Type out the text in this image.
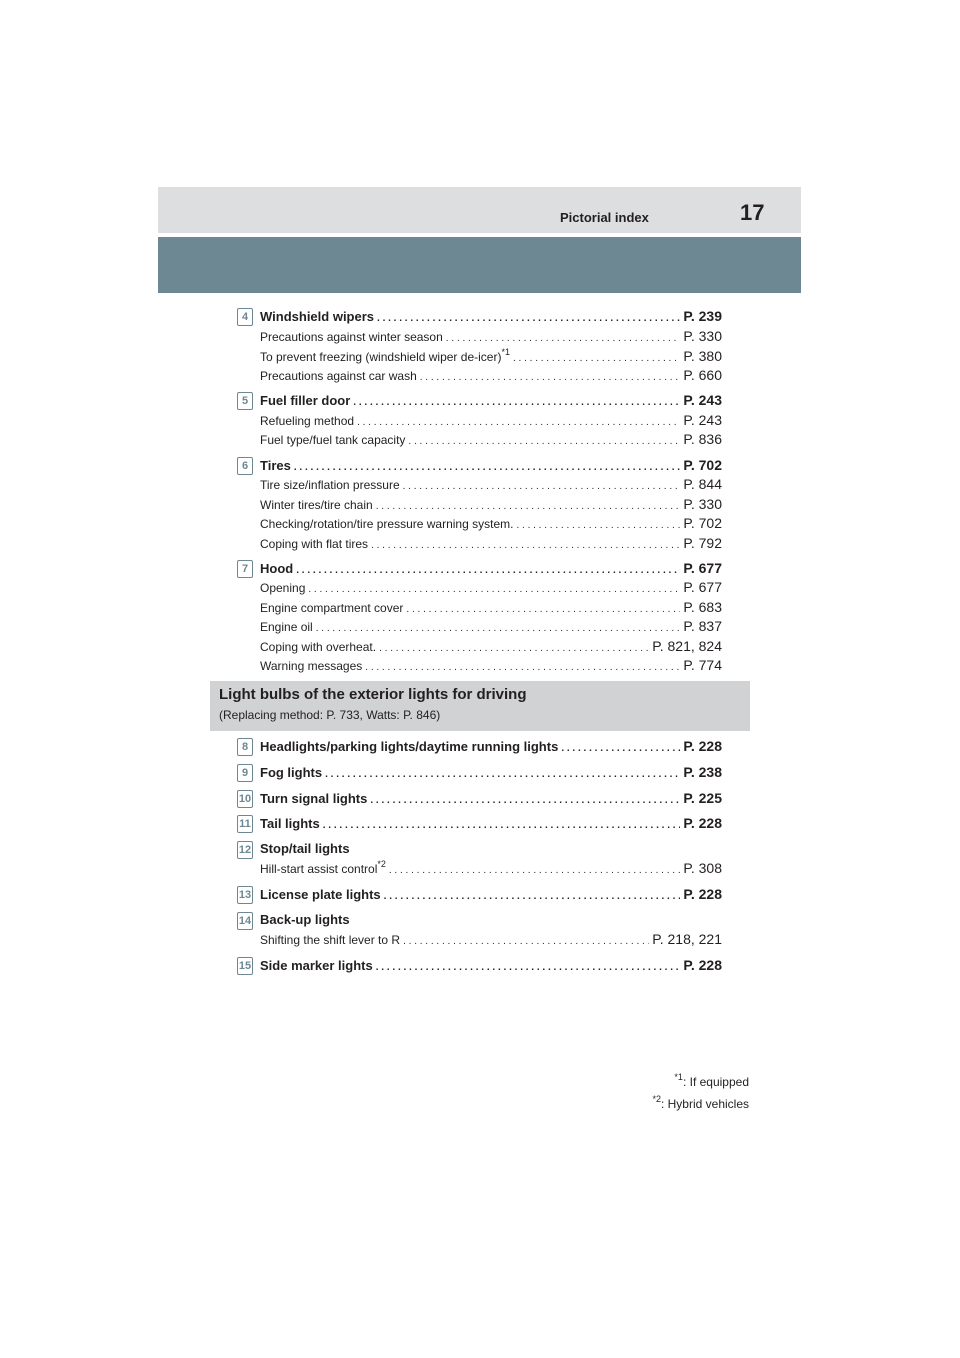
Pictorial index	17
4 Windshield wipers . . .	P. 239
Precautions against winter season . . .	P. 330
To prevent freezing (windshield wiper de-icer)$^{*1}$ . . .	P. 380
Precautions against car wash . . .	P. 660
5 Fuel filler door . . .	P. 243
Refueling method . . .	P. 243
Fuel type/fuel tank capacity . . .	P. 836
6 Tires . . .	P. 702
Tire size/inflation pressure . . .	P. 844
Winter tires/tire chain . . .	P. 330
Checking/rotation/tire pressure warning system. . . .	P. 702
Coping with flat tires . . .	P. 792
7 Hood . . .	P. 677
Opening . . .	P. 677
Engine compartment cover . . .	P. 683
Engine oil . . .	P. 837
Coping with overheat. . . .	P. 821, 824
Warning messages . . .	P. 774
Light bulbs of the exterior lights for driving
(Replacing method: P. 733, Watts: P. 846)
8 Headlights/parking lights/daytime running lights . . .	P. 228
9 Fog lights . . .	P. 238
10 Turn signal lights . . .	P. 225
11 Tail lights . . .	P. 228
12 Stop/tail lights
Hill-start assist control$^{*2}$ . . .	P. 308
13 License plate lights . . .	P. 228
14 Back-up lights
Shifting the shift lever to R . . .	P. 218, 221
15 Side marker lights . . .	P. 228
$^{*1}$: If equipped
$^{*2}$: Hybrid vehicles
